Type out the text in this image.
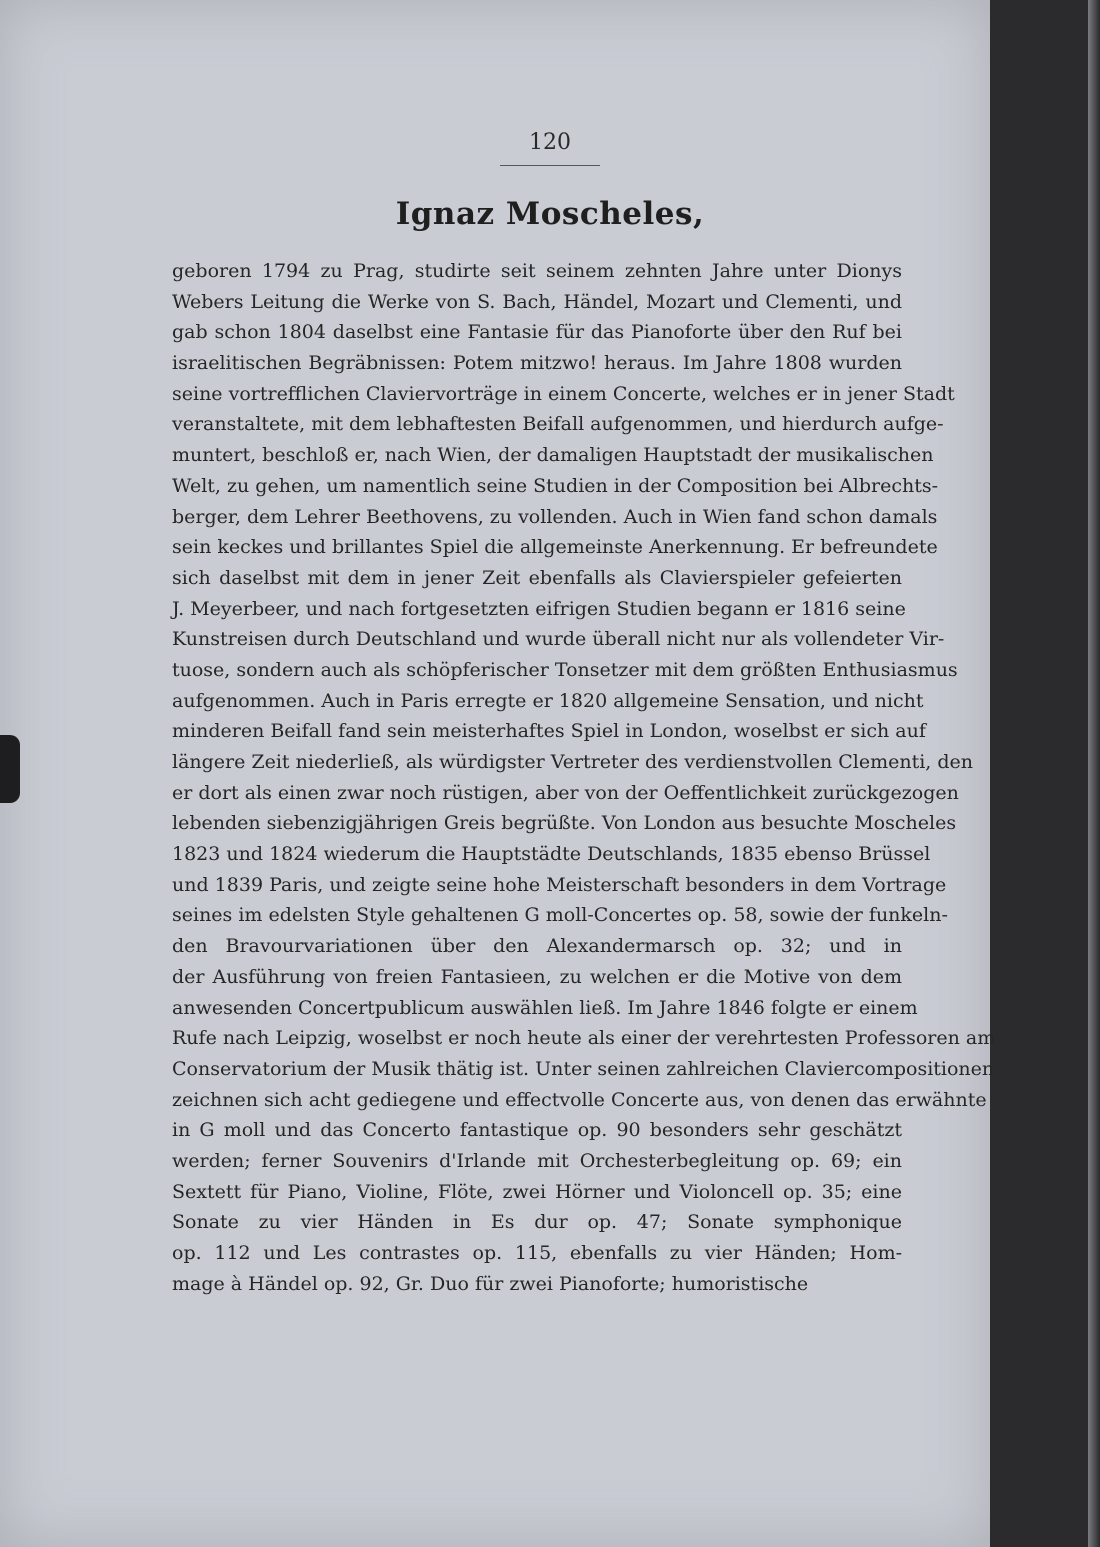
120
Ignaz Moscheles,
geboren 1794 zu Prag, studirte seit seinem zehnten Jahre unter Dionys
Webers Leitung die Werke von S. Bach, Händel, Mozart und Clementi, und
gab schon 1804 daselbst eine Fantasie für das Pianoforte über den Ruf bei
israelitischen Begräbnissen: Potem mitzwo! heraus. Im Jahre 1808 wurden
seine vortrefflichen Claviervorträge in einem Concerte, welches er in jener Stadt
veranstaltete, mit dem lebhaftesten Beifall aufgenommen, und hierdurch aufge-
muntert, beschloß er, nach Wien, der damaligen Hauptstadt der musikalischen
Welt, zu gehen, um namentlich seine Studien in der Composition bei Albrechts-
berger, dem Lehrer Beethovens, zu vollenden. Auch in Wien fand schon damals
sein keckes und brillantes Spiel die allgemeinste Anerkennung. Er befreundete
sich daselbst mit dem in jener Zeit ebenfalls als Clavierspieler gefeierten
J. Meyerbeer, und nach fortgesetzten eifrigen Studien begann er 1816 seine
Kunstreisen durch Deutschland und wurde überall nicht nur als vollendeter Vir-
tuose, sondern auch als schöpferischer Tonsetzer mit dem größten Enthusiasmus
aufgenommen. Auch in Paris erregte er 1820 allgemeine Sensation, und nicht
minderen Beifall fand sein meisterhaftes Spiel in London, woselbst er sich auf
längere Zeit niederließ, als würdigster Vertreter des verdienstvollen Clementi, den
er dort als einen zwar noch rüstigen, aber von der Oeffentlichkeit zurückgezogen
lebenden siebenzigjährigen Greis begrüßte. Von London aus besuchte Moscheles
1823 und 1824 wiederum die Hauptstädte Deutschlands, 1835 ebenso Brüssel
und 1839 Paris, und zeigte seine hohe Meisterschaft besonders in dem Vortrage
seines im edelsten Style gehaltenen G moll-Concertes op. 58, sowie der funkeln-
den Bravourvariationen über den Alexandermarsch op. 32; und in
der Ausführung von freien Fantasieen, zu welchen er die Motive von dem
anwesenden Concertpublicum auswählen ließ. Im Jahre 1846 folgte er einem
Rufe nach Leipzig, woselbst er noch heute als einer der verehrtesten Professoren am
Conservatorium der Musik thätig ist. Unter seinen zahlreichen Claviercompositionen
zeichnen sich acht gediegene und effectvolle Concerte aus, von denen das erwähnte
in G moll und das Concerto fantastique op. 90 besonders sehr geschätzt
werden; ferner Souvenirs d'Irlande mit Orchesterbegleitung op. 69; ein
Sextett für Piano, Violine, Flöte, zwei Hörner und Violoncell op. 35; eine
Sonate zu vier Händen in Es dur op. 47; Sonate symphonique
op. 112 und Les contrastes op. 115, ebenfalls zu vier Händen; Hom-
mage à Händel op. 92, Gr. Duo für zwei Pianoforte; humoristische
